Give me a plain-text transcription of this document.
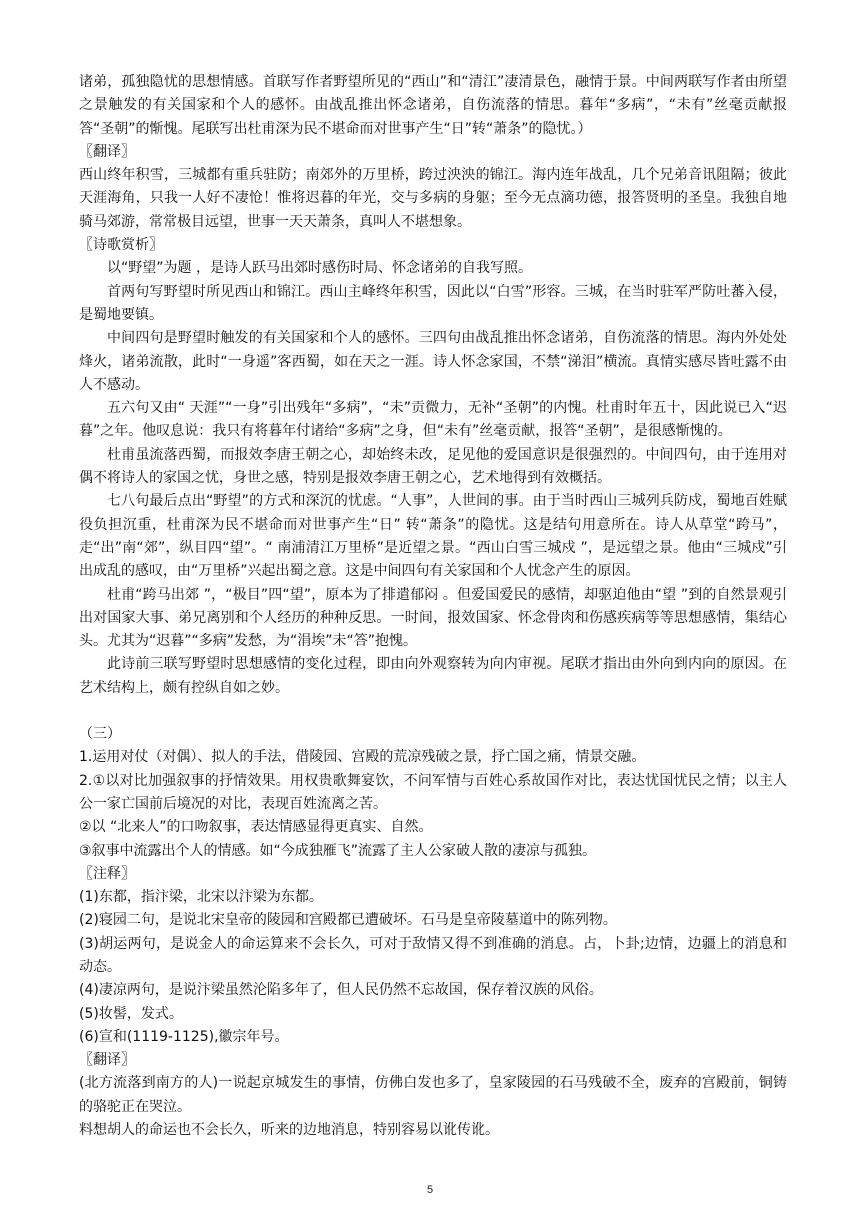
诸弟，孤独隐忧的思想情感。首联写作者野望所见的“西山”和“清江”凄清景色，融情于景。中间两联写作者由所望之景触发的有关国家和个人的感怀。由战乱推出怀念诸弟，自伤流落的情思。暮年“多病”，“未有”丝毫贡献报答“圣朝”的惭愧。尾联写出杜甫深为民不堪命而对世事产生“日”转“萧条”的隐忧。）

〖翻译〗

西山终年积雪，三城都有重兵驻防；南郊外的万里桥，跨过泱泱的锦江。海内连年战乱，几个兄弟音讯阻隔；彼此天涯海角，只我一人好不凄怆！惟将迟暮的年光，交与多病的身躯；至今无点滴功德，报答贤明的圣皇。我独自地骑马郊游，常常极目远望，世事一天天萧条，真叫人不堪想象。

〖诗歌赏析〗

以“野望”为题 ，是诗人跃马出郊时感伤时局、怀念诸弟的自我写照。

首两句写野望时所见西山和锦江。西山主峰终年积雪，因此以“白雪”形容。三城，在当时驻军严防吐蕃入侵，是蜀地要镇。

中间四句是野望时触发的有关国家和个人的感怀。三四句由战乱推出怀念诸弟，自伤流落的情思。海内外处处烽火，诸弟流散，此时“一身遥”客西蜀，如在天之一涯。诗人怀念家国，不禁“涕泪”横流。真情实感尽皆吐露不由人不感动。

五六句又由“ 天涯”“一身”引出残年“多病”，“未”贡微力，无补“圣朝”的内愧。杜甫时年五十，因此说已入“迟暮”之年。他叹息说：我只有将暮年付诸给“多病”之身，但“未有”丝毫贡献，报答“圣朝”，是很感惭愧的。

杜甫虽流落西蜀，而报效李唐王朝之心，却始终未改，足见他的爱国意识是很强烈的。中间四句，由于连用对偶不将诗人的家国之忧，身世之感，特别是报效李唐王朝之心，艺术地得到有效概括。

七八句最后点出“野望”的方式和深沉的忧虑。“人事”，人世间的事。由于当时西山三城列兵防戍，蜀地百姓赋役负担沉重，杜甫深为民不堪命而对世事产生“日” 转“萧条”的隐忧。这是结句用意所在。诗人从草堂“跨马”，走“出”南“郊”，纵目四“望”。“ 南浦清江万里桥”是近望之景。“西山白雪三城戍 ”，是远望之景。他由“三城戍”引出成乱的感叹，由“万里桥”兴起出蜀之意。这是中间四句有关家国和个人忧念产生的原因。

杜甫“跨马出郊 ”，“极目”四“望”，原本为了排遣郁闷 。但爱国爱民的感情，却驱迫他由“望 ”到的自然景观引出对国家大事、弟兄离别和个人经历的种种反思。一时间，报效国家、怀念骨肉和伤感疾病等等思想感情，集结心头。尤其为“迟暮”“多病”发愁，为“涓埃”未“答”抱愧。

此诗前三联写野望时思想感情的变化过程，即由向外观察转为向内审视。尾联才指出由外向到内向的原因。在艺术结构上，颇有控纵自如之妙。

（三）

1.运用对仗（对偶）、拟人的手法，借陵园、宫殿的荒凉残破之景，抒亡国之痛，情景交融。

2.①以对比加强叙事的抒情效果。用权贵歌舞宴饮，不问军情与百姓心系故国作对比，表达忧国忧民之情；以主人公一家亡国前后境况的对比，表现百姓流离之苦。

②以 “北来人”的口吻叙事，表达情感显得更真实、自然。

③叙事中流露出个人的情感。如“今成独雁飞”流露了主人公家破人散的凄凉与孤独。

〖注释〗

(1)东都，指汴梁，北宋以汴梁为东都。

(2)寝园二句，是说北宋皇帝的陵园和宫殿都已遭破坏。石马是皇帝陵墓道中的陈列物。

(3)胡运两句，是说金人的命运算来不会长久，可对于敌情又得不到准确的消息。占，卜卦;边情，边疆上的消息和动态。

(4)凄凉两句，是说汴梁虽然沦陷多年了，但人民仍然不忘故国，保存着汉族的风俗。

(5)妆髻，发式。

(6)宣和(1119-1125),徽宗年号。

〖翻译〗

(北方流落到南方的人)一说起京城发生的事情，仿佛白发也多了，皇家陵园的石马残破不全，废弃的宫殿前，铜铸的骆驼正在哭泣。

料想胡人的命运也不会长久，听来的边地消息，特别容易以讹传讹。

5
